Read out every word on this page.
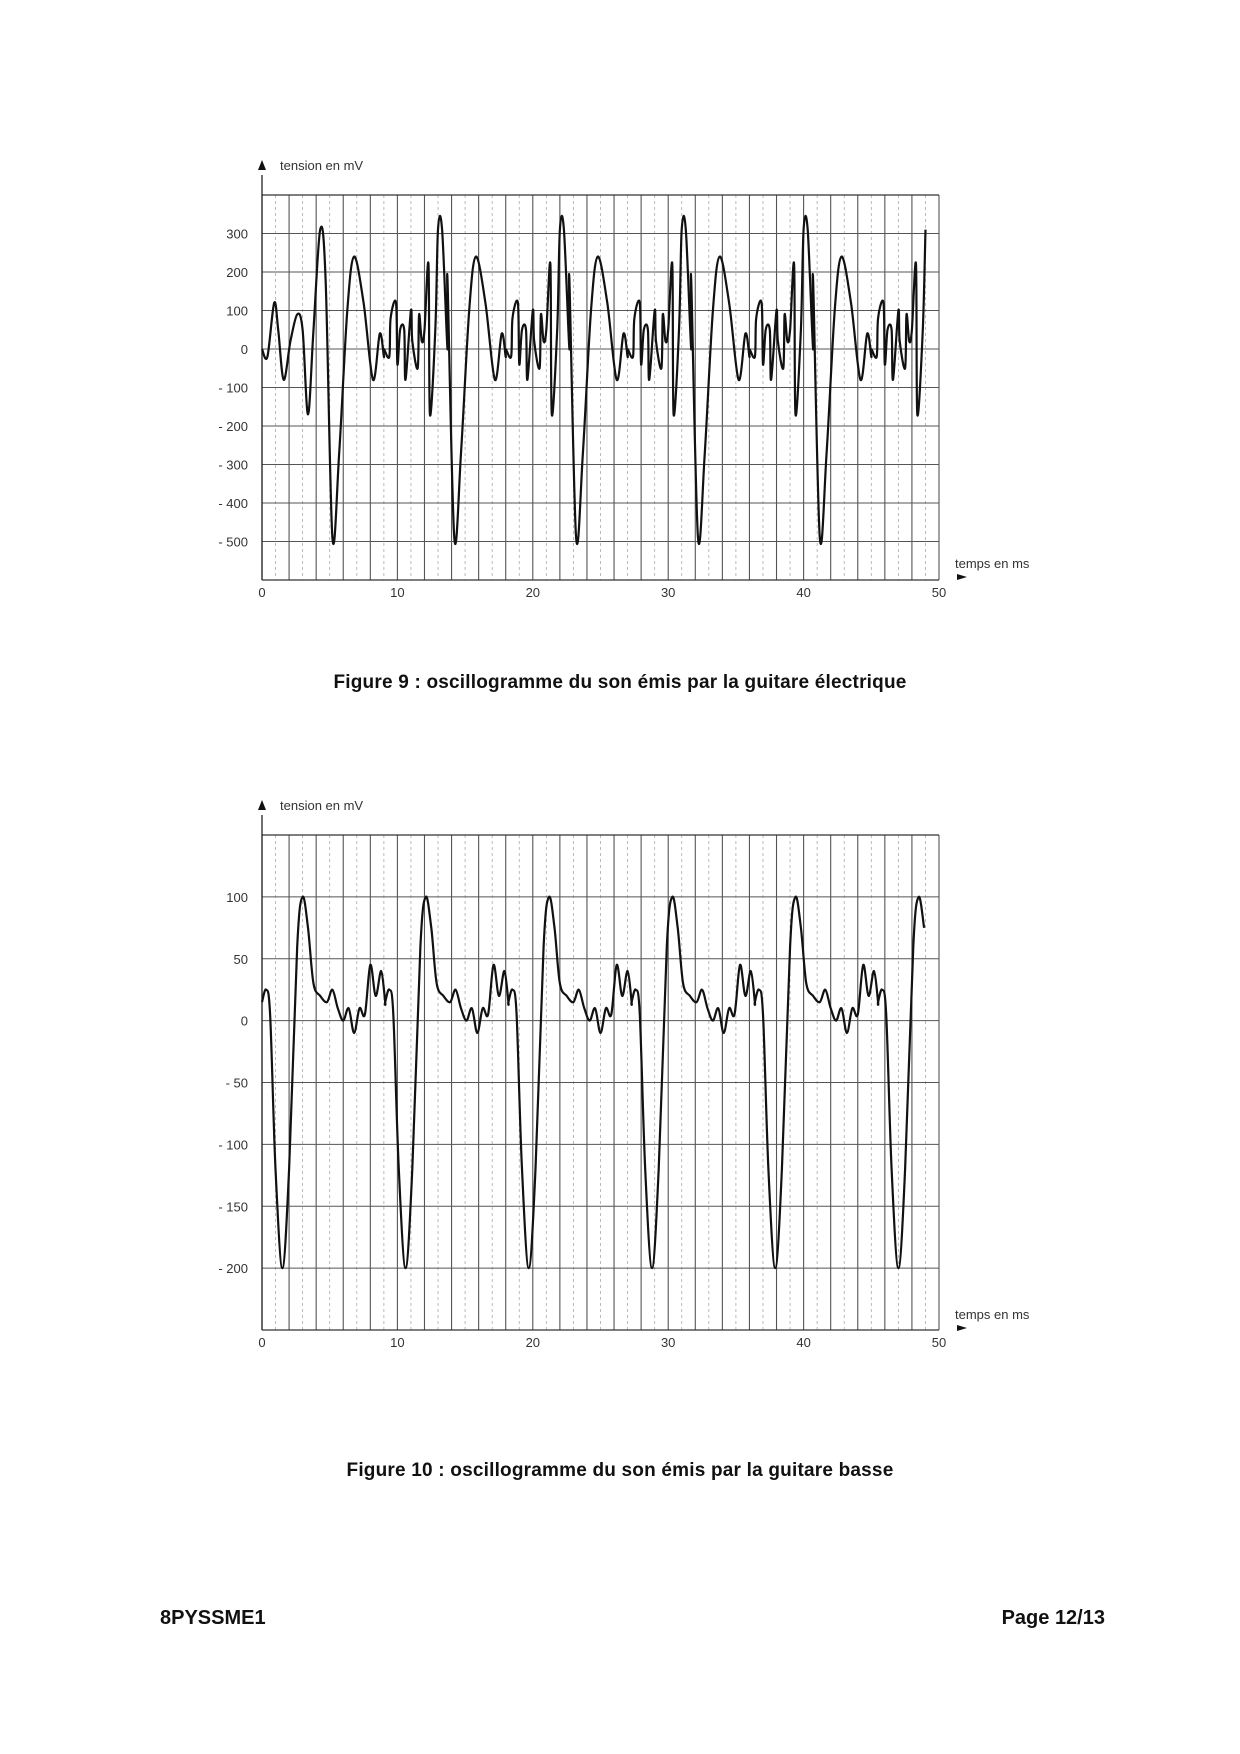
tension en mV
temps en ms
300
200
100
0
- 100
- 200
- 300
- 400
- 500
0	10	20	30	40	50
Figure 9 : oscillogramme du son émis par la guitare électrique
tension en mV
temps en ms
100
50
0
- 50
- 100
- 150
- 200
0	10	20	30	40	50
Figure 10 : oscillogramme du son émis par la guitare basse
8PYSSME1	Page 12/13
